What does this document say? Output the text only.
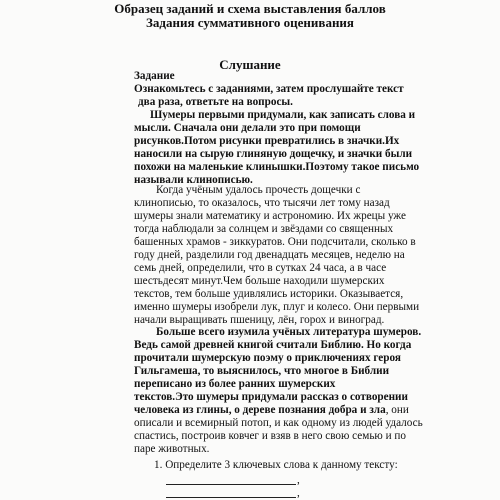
Образец заданий и схема выставления баллов
Задания суммативного оценивания
Слушание
Задание
Ознакомьтесь с заданиями, затем прослушайте текст
два раза, ответьте на вопросы.
Шумеры первыми придумали, как записать слова и
мысли. Сначала они делали это при помощи
рисунков.Потом рисунки превратились в значки.Их
наносили на сырую глиняную дощечку, и значки были
похожи на маленькие клинышки.Поэтому такое письмо
называли клинописью.
Когда учёным удалось прочесть дощечки с
клинописью, то оказалось, что тысячи лет тому назад
шумеры знали математику и астрономию. Их жрецы уже
тогда наблюдали за солнцем и звёздами со священных
башенных храмов - зиккуратов. Они подсчитали, сколько в
году дней, разделили год двенадцать месяцев, неделю на
семь дней, определили, что в сутках 24 часа, а в часе
шестьдесят минут.Чем больше находили шумерских
текстов, тем больше удивлялись историки. Оказывается,
именно шумеры изобрели лук, плуг и колесо. Они первыми
начали выращивать пшеницу, лён, горох и виноград.
Больше всего изумила учёных литература шумеров.
Ведь самой древней книгой считали Библию. Но когда
прочитали шумерскую поэму о приключениях героя
Гильгамеша, то выяснилось, что многое в Библии
переписано из более ранних шумерских
текстов.Это шумеры придумали рассказ о сотворении
человека из глины, о дереве познания добра и зла, они
описали и всемирный потоп, и как одному из людей удалось
спастись, построив ковчег и взяв в него свою семью и по
паре животных.
1. Определите 3 ключевых слова к данному тексту:
,
,
